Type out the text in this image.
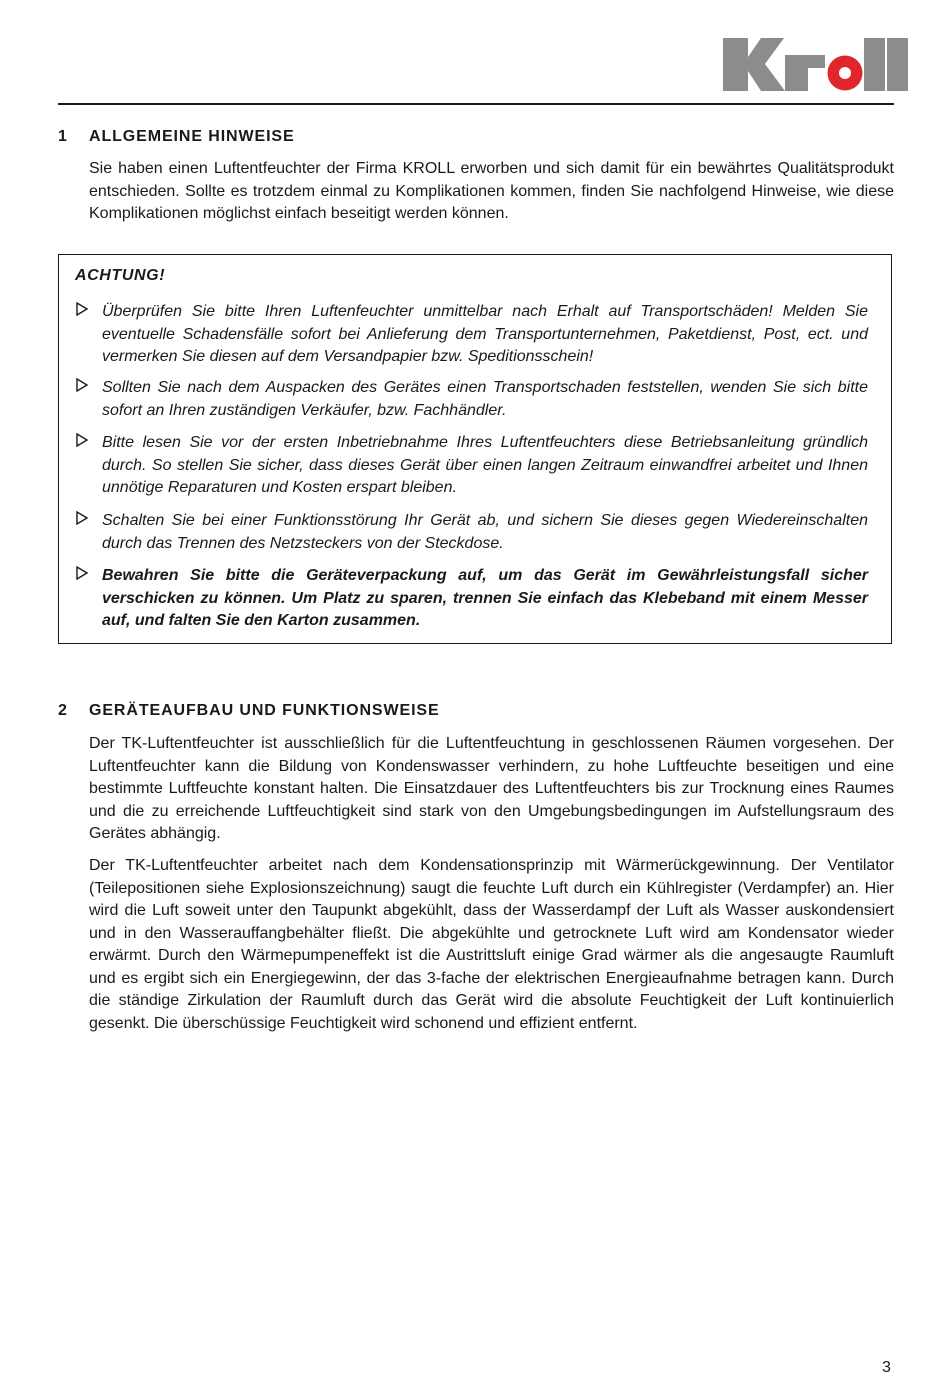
®
1 ALLGEMEINE HINWEISE

Sie haben einen Luftentfeuchter der Firma KROLL erworben und sich damit für ein bewährtes Qualitätsprodukt entschieden. Sollte es trotzdem einmal zu Komplikationen kommen, finden Sie nachfolgend Hinweise, wie diese Komplikationen möglichst einfach beseitigt werden können.

ACHTUNG!

Überprüfen Sie bitte Ihren Luftenfeuchter unmittelbar nach Erhalt auf Transportschäden! Melden Sie eventuelle Schadensfälle sofort bei Anlieferung dem Transportunternehmen, Paketdienst, Post, ect. und vermerken Sie diesen auf dem Versandpapier bzw. Speditionsschein!

Sollten Sie nach dem Auspacken des Gerätes einen Transportschaden feststellen, wenden Sie sich bitte sofort an Ihren zuständigen Verkäufer, bzw. Fachhändler.

Bitte lesen Sie vor der ersten Inbetriebnahme Ihres Luftentfeuchters diese Betriebsanleitung gründlich durch. So stellen Sie sicher, dass dieses Gerät über einen langen Zeitraum einwandfrei arbeitet und Ihnen unnötige Reparaturen und Kosten erspart bleiben.

Schalten Sie bei einer Funktionsstörung Ihr Gerät ab, und sichern Sie dieses gegen Wiedereinschalten durch das Trennen des Netzsteckers von der Steckdose.

Bewahren Sie bitte die Geräteverpackung auf, um das Gerät im Gewährleistungsfall sicher verschicken zu können. Um Platz zu sparen, trennen Sie einfach das Klebeband mit einem Messer auf, und falten Sie den Karton zusammen.

2 GERÄTEAUFBAU UND FUNKTIONSWEISE

Der TK-Luftentfeuchter ist ausschließlich für die Luftentfeuchtung in geschlossenen Räumen vorgesehen. Der Luftentfeuchter kann die Bildung von Kondenswasser verhindern, zu hohe Luftfeuchte beseitigen und eine bestimmte Luftfeuchte konstant halten. Die Einsatzdauer des Luftentfeuchters bis zur Trocknung eines Raumes und die zu erreichende Luftfeuchtigkeit sind stark von den Umgebungsbedingungen im Aufstellungsraum des Gerätes abhängig.

Der TK-Luftentfeuchter arbeitet nach dem Kondensationsprinzip mit Wärmerückgewinnung. Der Ventilator (Teilepositionen siehe Explosionszeichnung) saugt die feuchte Luft durch ein Kühlregister (Verdampfer) an. Hier wird die Luft soweit unter den Taupunkt abgekühlt, dass der Wasserdampf der Luft als Wasser auskondensiert und in den Wasserauffangbehälter fließt. Die abgekühlte und getrocknete Luft wird am Kondensator wieder erwärmt. Durch den Wärmepumpeneffekt ist die Austrittsluft einige Grad wärmer als die angesaugte Raumluft und es ergibt sich ein Energiegewinn, der das 3-fache der elektrischen Energieaufnahme betragen kann. Durch die ständige Zirkulation der Raumluft durch das Gerät wird die absolute Feuchtigkeit der Luft kontinuierlich gesenkt. Die überschüssige Feuchtigkeit wird schonend und effizient entfernt.

3
